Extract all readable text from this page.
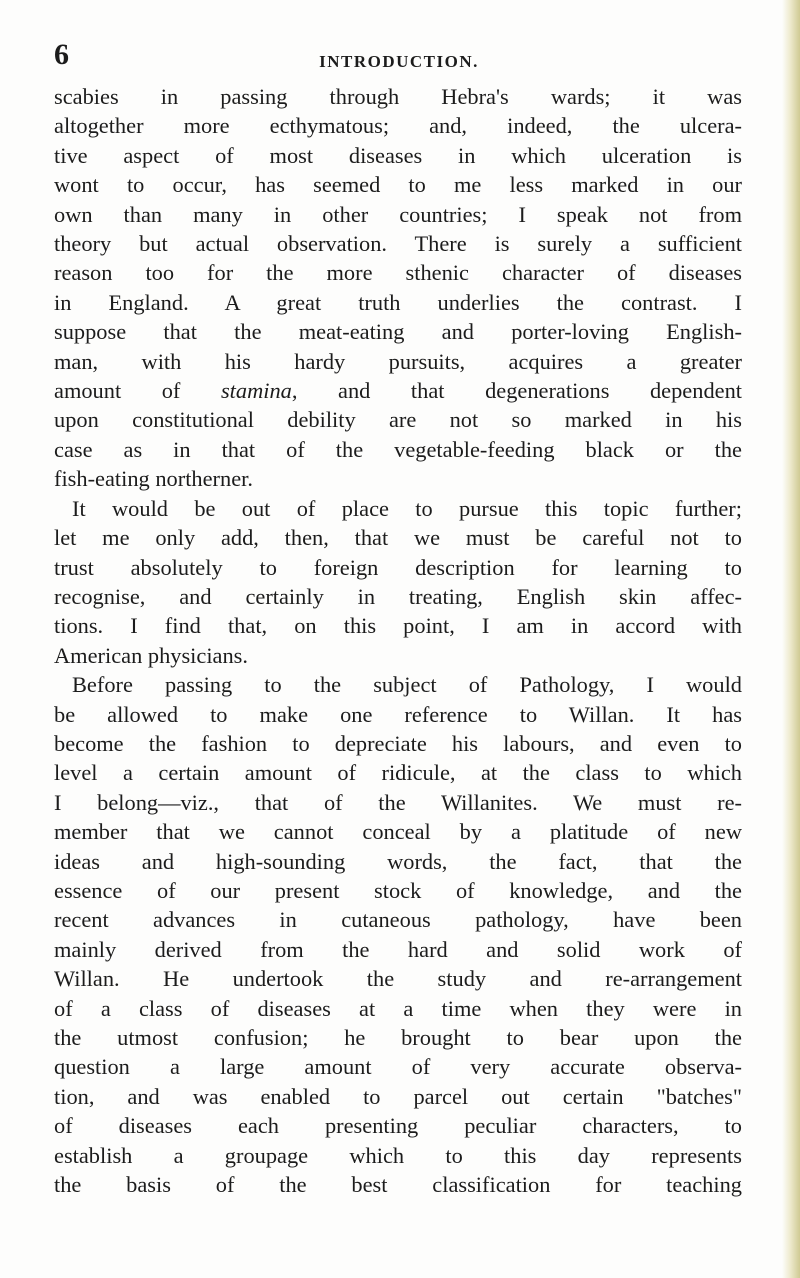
6	INTRODUCTION.

scabies in passing through Hebra's wards; it was

altogether more ecthymatous; and, indeed, the ulcera-

tive aspect of most diseases in which ulceration is

wont to occur, has seemed to me less marked in our

own than many in other countries; I speak not from

theory but actual observation. There is surely a sufficient

reason too for the more sthenic character of diseases

in England. A great truth underlies the contrast. I

suppose that the meat-eating and porter-loving English-

man, with his hardy pursuits, acquires a greater

amount of stamina, and that degenerations dependent

upon constitutional debility are not so marked in his

case as in that of the vegetable-feeding black or the

fish-eating northerner.

It would be out of place to pursue this topic further;

let me only add, then, that we must be careful not to

trust absolutely to foreign description for learning to

recognise, and certainly in treating, English skin affec-

tions. I find that, on this point, I am in accord with

American physicians.

Before passing to the subject of Pathology, I would

be allowed to make one reference to Willan. It has

become the fashion to depreciate his labours, and even to

level a certain amount of ridicule, at the class to which

I belong—viz., that of the Willanites. We must re-

member that we cannot conceal by a platitude of new

ideas and high-sounding words, the fact, that the

essence of our present stock of knowledge, and the

recent advances in cutaneous pathology, have been

mainly derived from the hard and solid work of

Willan. He undertook the study and re-arrangement

of a class of diseases at a time when they were in

the utmost confusion; he brought to bear upon the

question a large amount of very accurate observa-

tion, and was enabled to parcel out certain "batches"

of diseases each presenting peculiar characters, to

establish a groupage which to this day represents

the basis of the best classification for teaching
